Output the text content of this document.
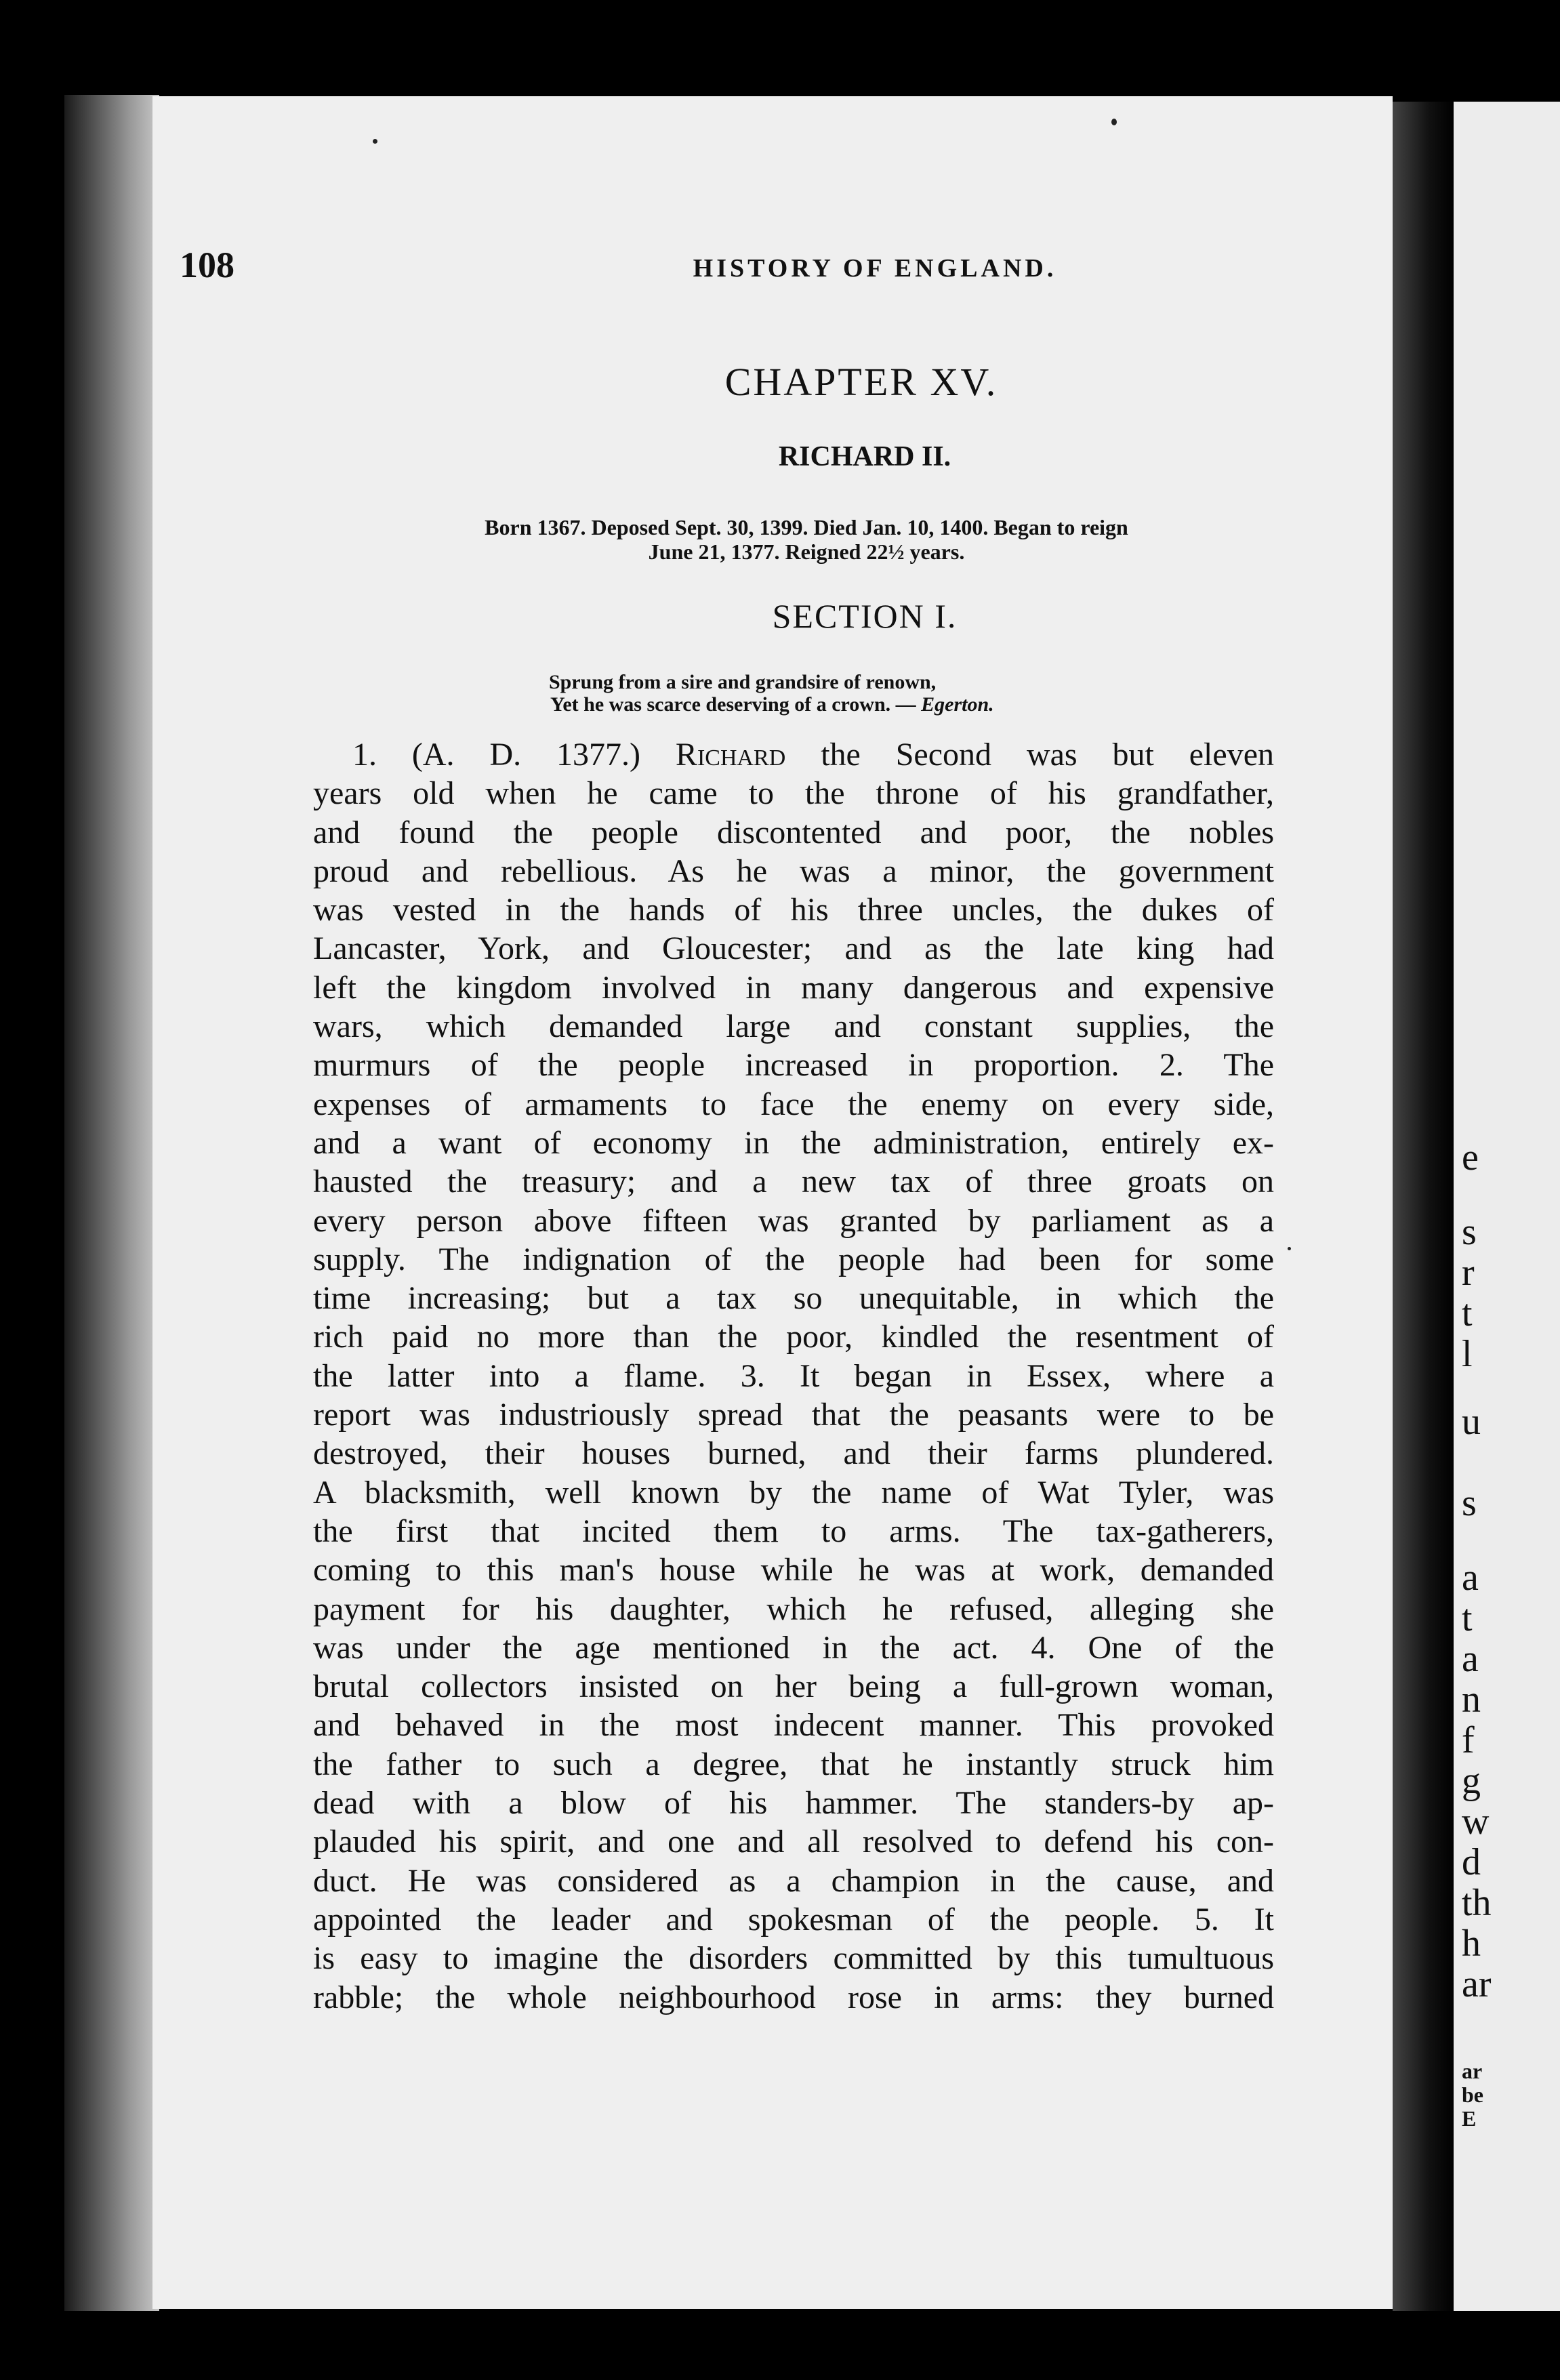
e
s
r
t
l
u
s
a
t
a
n
f
g
w
d
th
h
ar
ar
be
E
108	HISTORY OF ENGLAND.
CHAPTER XV.
RICHARD II.
Born 1367. Deposed Sept. 30, 1399. Died Jan. 10, 1400. Began to reign
June 21, 1377. Reigned 22½ years.
SECTION I.
Sprung from a sire and grandsire of renown,
Yet he was scarce deserving of a crown. — Egerton.
1. (A. D. 1377.) Richard the Second was but eleven
years old when he came to the throne of his grandfather,
and found the people discontented and poor, the nobles
proud and rebellious. As he was a minor, the government
was vested in the hands of his three uncles, the dukes of
Lancaster, York, and Gloucester; and as the late king had
left the kingdom involved in many dangerous and expensive
wars, which demanded large and constant supplies, the
murmurs of the people increased in proportion. 2. The
expenses of armaments to face the enemy on every side,
and a want of economy in the administration, entirely ex-
hausted the treasury; and a new tax of three groats on
every person above fifteen was granted by parliament as a
supply. The indignation of the people had been for some
time increasing; but a tax so unequitable, in which the
rich paid no more than the poor, kindled the resentment of
the latter into a flame. 3. It began in Essex, where a
report was industriously spread that the peasants were to be
destroyed, their houses burned, and their farms plundered.
A blacksmith, well known by the name of Wat Tyler, was
the first that incited them to arms. The tax-gatherers,
coming to this man's house while he was at work, demanded
payment for his daughter, which he refused, alleging she
was under the age mentioned in the act. 4. One of the
brutal collectors insisted on her being a full-grown woman,
and behaved in the most indecent manner. This provoked
the father to such a degree, that he instantly struck him
dead with a blow of his hammer. The standers-by ap-
plauded his spirit, and one and all resolved to defend his con-
duct. He was considered as a champion in the cause, and
appointed the leader and spokesman of the people. 5. It
is easy to imagine the disorders committed by this tumultuous
rabble; the whole neighbourhood rose in arms: they burned
